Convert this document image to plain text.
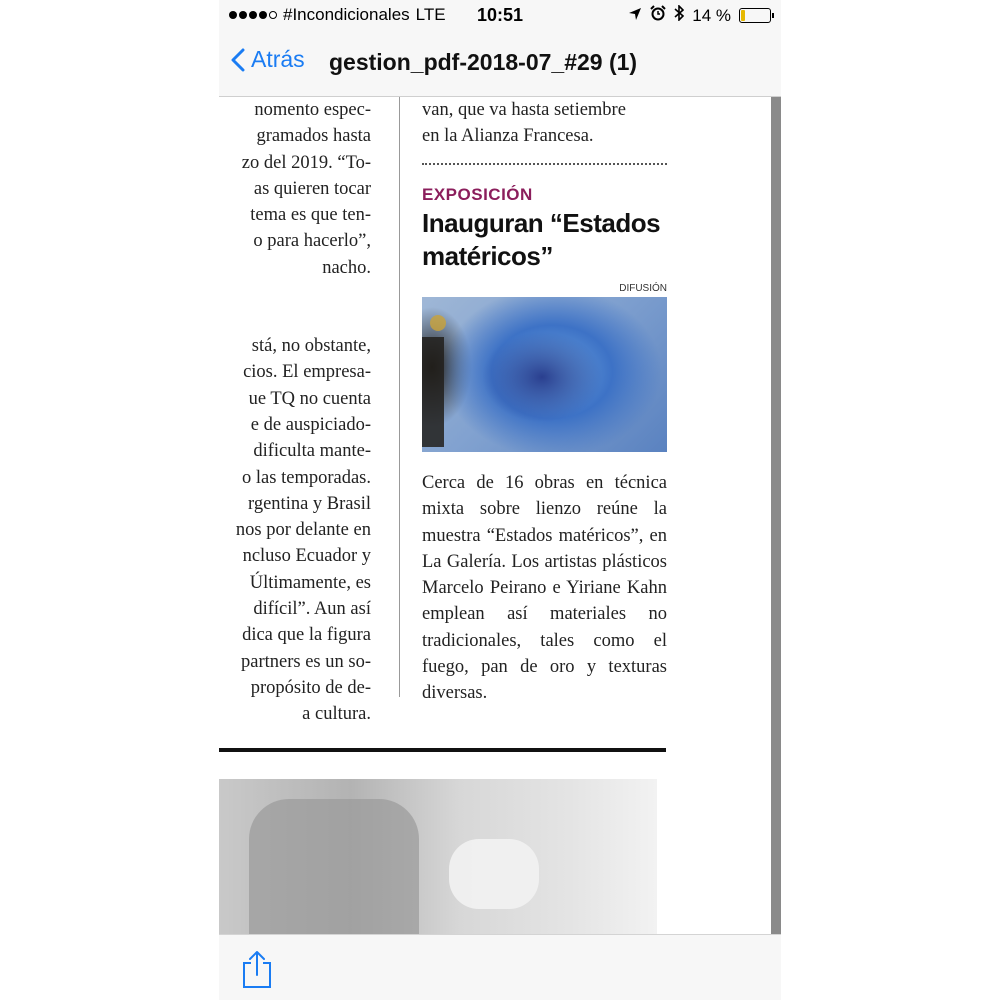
#Incondicionales LTE	10:51	14 %
Atrás gestion_pdf-2018-07_#29 (1)
nomento espec-
gramados hasta
zo del 2019. “To-
as quieren tocar
tema es que ten-
o para hacerlo”,
nacho.
stá, no obstante,
cios. El empresa-
ue TQ no cuenta
e de auspiciado-
dificulta mante-
o las temporadas.
rgentina y Brasil
nos por delante en
ncluso Ecuador y
Últimamente, es
difícil”. Aun así
dica que la figura
partners es un so-
propósito de de-
a cultura.
van, que va hasta setiembre
en la Alianza Francesa.
EXPOSICIÓN
Inauguran “Estados
matéricos”
DIFUSIÓN
Cerca de 16 obras en técnica mixta sobre lienzo reúne la muestra “Estados matéricos”, en La Galería. Los artistas plásticos Marcelo Peirano e Yiriane Kahn emplean así materiales no tradicionales, tales como el fuego, pan de oro y texturas diversas.
